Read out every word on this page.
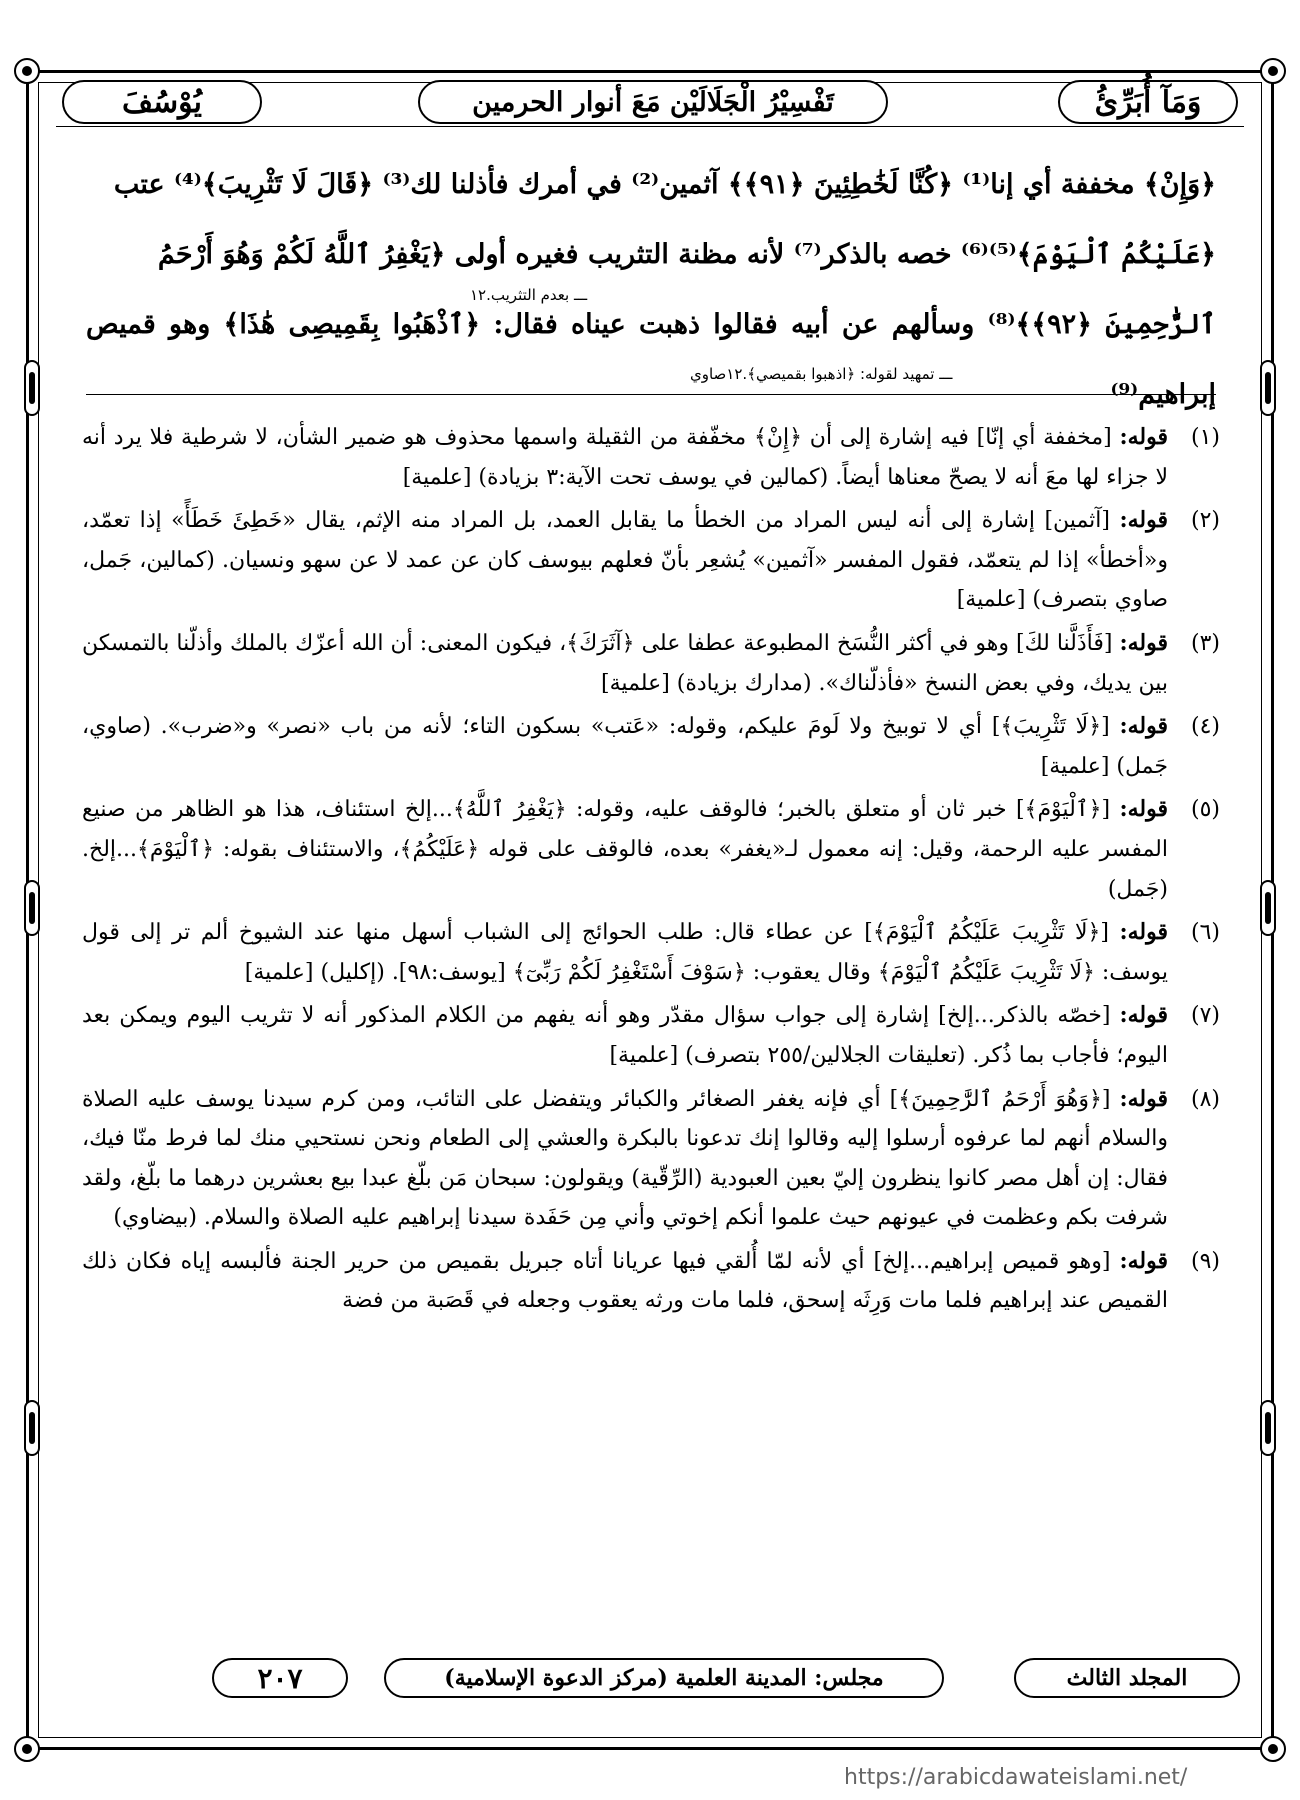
وَمَآ أُبَرِّئُ
تَفْسِيْرُ الْجَلَالَيْن مَعَ أنوار الحرمين
يُوْسُفَ
﴿وَإِنْ﴾ مخففة أي إنا⁽¹⁾ ﴿كُنَّا لَخَٰطِئِينَ ﴿٩١﴾﴾ آثمين⁽²⁾ في أمرك فأذلنا لك⁽³⁾ ﴿قَالَ لَا تَثْرِيبَ﴾⁽⁴⁾ عتب
﴿عَلَيْكُمُ ٱلْيَوْمَ﴾⁽⁵⁾⁽⁶⁾ خصه بالذكر⁽⁷⁾ لأنه مظنة التثريب فغيره أولى ﴿يَغْفِرُ ٱللَّهُ لَكُمْ وَهُوَ أَرْحَمُ
ٱلرَّٰحِمِينَ ﴿٩٢﴾﴾⁽⁸⁾ وسألهم عن أبيه فقالوا ذهبت عيناه فقال: ﴿ٱذْهَبُوا بِقَمِيصِى هَٰذَا﴾ وهو قميص إبراهيم⁽⁹⁾
ـــ بعدم التثريب.١٢
ـــ تمهيد لقوله: ﴿اذهبوا بقميصي﴾.١٢صاوي
(١)
قوله: [مخففة أي إنّا] فيه إشارة إلى أن ﴿إِنْ﴾ مخفّفة من الثقيلة واسمها محذوف هو ضمير الشأن، لا شرطية فلا يرد أنه لا جزاء لها معَ أنه لا يصحّ معناها أيضاً. (كمالين في يوسف تحت الآية:٣ بزيادة) [علمية]
(٢)
قوله: [آثمين] إشارة إلى أنه ليس المراد من الخطأ ما يقابل العمد، بل المراد منه الإثم، يقال «خَطِئَ خَطَأً» إذا تعمّد، و«أخطأ» إذا لم يتعمّد، فقول المفسر «آثمين» يُشعِر بأنّ فعلهم بيوسف كان عن عمد لا عن سهو ونسيان. (كمالين، جَمل، صاوي بتصرف) [علمية]
(٣)
قوله: [فَأَذَلَّنا لكَ] وهو في أكثر النُّسَخ المطبوعة عطفا على ﴿آثَرَكَ﴾، فيكون المعنى: أن الله أعزّك بالملك وأذلّنا بالتمسكن بين يديك، وفي بعض النسخ «فأذلّناك». (مدارك بزيادة) [علمية]
(٤)
قوله: [﴿لَا تَثْرِيبَ﴾] أي لا توبيخ ولا لَومَ عليكم، وقوله: «عَتب» بسكون التاء؛ لأنه من باب «نصر» و«ضرب». (صاوي، جَمل) [علمية]
(٥)
قوله: [﴿ٱلْيَوْمَ﴾] خبر ثان أو متعلق بالخبر؛ فالوقف عليه، وقوله: ﴿يَغْفِرُ ٱللَّهُ﴾...إلخ استئناف، هذا هو الظاهر من صنيع المفسر عليه الرحمة، وقيل: إنه معمول لـ«يغفر» بعده، فالوقف على قوله ﴿عَلَيْكُمُ﴾، والاستئناف بقوله: ﴿ٱلْيَوْمَ﴾...إلخ. (جَمل)
(٦)
قوله: [﴿لَا تَثْرِيبَ عَلَيْكُمُ ٱلْيَوْمَ﴾] عن عطاء قال: طلب الحوائج إلى الشباب أسهل منها عند الشيوخ ألم تر إلى قول يوسف: ﴿لَا تَثْرِيبَ عَلَيْكُمُ ٱلْيَوْمَ﴾ وقال يعقوب: ﴿سَوْفَ أَسْتَغْفِرُ لَكُمْ رَبِّىٓ﴾ [يوسف:٩٨]. (إكليل) [علمية]
(٧)
قوله: [خصّه بالذكر...إلخ] إشارة إلى جواب سؤال مقدّر وهو أنه يفهم من الكلام المذكور أنه لا تثريب اليوم ويمكن بعد اليوم؛ فأجاب بما ذُكر. (تعليقات الجلالين/٢٥٥ بتصرف) [علمية]
(٨)
قوله: [﴿وَهُوَ أَرْحَمُ ٱلرَّٰحِمِينَ﴾] أي فإنه يغفر الصغائر والكبائر ويتفضل على التائب، ومن كرم سيدنا يوسف عليه الصلاة والسلام أنهم لما عرفوه أرسلوا إليه وقالوا إنك تدعونا بالبكرة والعشي إلى الطعام ونحن نستحيي منك لما فرط منّا فيك، فقال: إن أهل مصر كانوا ينظرون إليّ بعين العبودية (الرِّقّية) ويقولون: سبحان مَن بلّغ عبدا بيع بعشرين درهما ما بلّغ، ولقد شرفت بكم وعظمت في عيونهم حيث علموا أنكم إخوتي وأني مِن حَفَدة سيدنا إبراهيم عليه الصلاة والسلام. (بيضاوي)
(٩)
قوله: [وهو قميص إبراهيم...إلخ] أي لأنه لمّا أُلقي فيها عريانا أتاه جبريل بقميص من حرير الجنة فألبسه إياه فكان ذلك القميص عند إبراهيم فلما مات وَرِثَه إسحق، فلما مات ورثه يعقوب وجعله في قَصَبة من فضة
المجلد الثالث
مجلس: المدينة العلمية (مركز الدعوة الإسلامية)
٢٠٧
https://arabicdawateislami.net/
